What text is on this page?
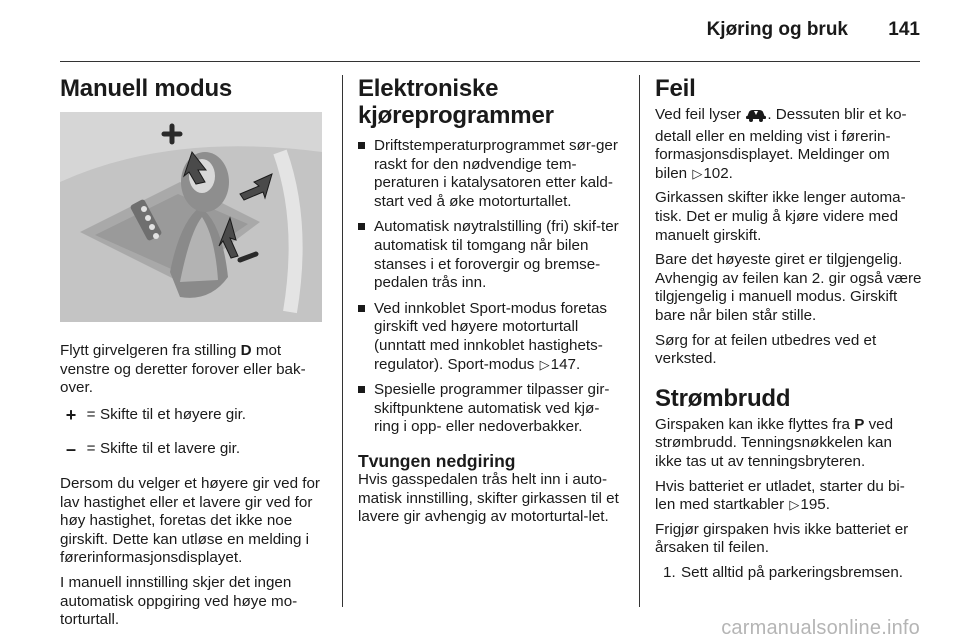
Kjøring og bruk 141
Manuell modus

Flytt girvelgeren fra stilling D mot venstre og deretter forover eller bak-over.

+ = Skifte til et høyere gir.
– = Skifte til et lavere gir.

Dersom du velger et høyere gir ved for lav hastighet eller et lavere gir ved for høy hastighet, foretas det ikke noe girskift. Dette kan utløse en melding i førerinformasjonsdisplayet.

I manuell innstilling skjer det ingen automatisk oppgiring ved høye mo-torturtall.

Elektroniske kjøreprogrammer
Driftstemperaturprogrammet sør-ger raskt for den nødvendige tem-peraturen i katalysatoren etter kald-start ved å øke motorturtallet.
Automatisk nøytralstilling (fri) skif-ter automatisk til tomgang når bilen stanses i et forovergir og bremse-pedalen trås inn.
Ved innkoblet Sport-modus foretas girskift ved høyere motorturtall (unntatt med innkoblet hastighets-regulator). Sport-modus ▷147.
Spesielle programmer tilpasser gir-skiftpunktene automatisk ved kjø-ring i opp- eller nedoverbakker.
Tvungen nedgiring

Hvis gasspedalen trås helt inn i auto-matisk innstilling, skifter girkassen til et lavere gir avhengig av motorturtal-let.

Feil

Ved feil lyser . Dessuten blir et ko-detall eller en melding vist i førerin-formasjonsdisplayet. Meldinger om bilen ▷102.

Girkassen skifter ikke lenger automa-tisk. Det er mulig å kjøre videre med manuelt girskift.

Bare det høyeste giret er tilgjengelig. Avhengig av feilen kan 2. gir også være tilgjengelig i manuell modus. Girskift bare når bilen står stille.

Sørg for at feilen utbedres ved et verksted.

Strømbrudd

Girspaken kan ikke flyttes fra P ved strømbrudd. Tenningsnøkkelen kan ikke tas ut av tenningsbryteren.

Hvis batteriet er utladet, starter du bi-len med startkabler ▷195.

Frigjør girspaken hvis ikke batteriet er årsaken til feilen.

1. Sett alltid på parkeringsbremsen.
carmanualsonline.info
